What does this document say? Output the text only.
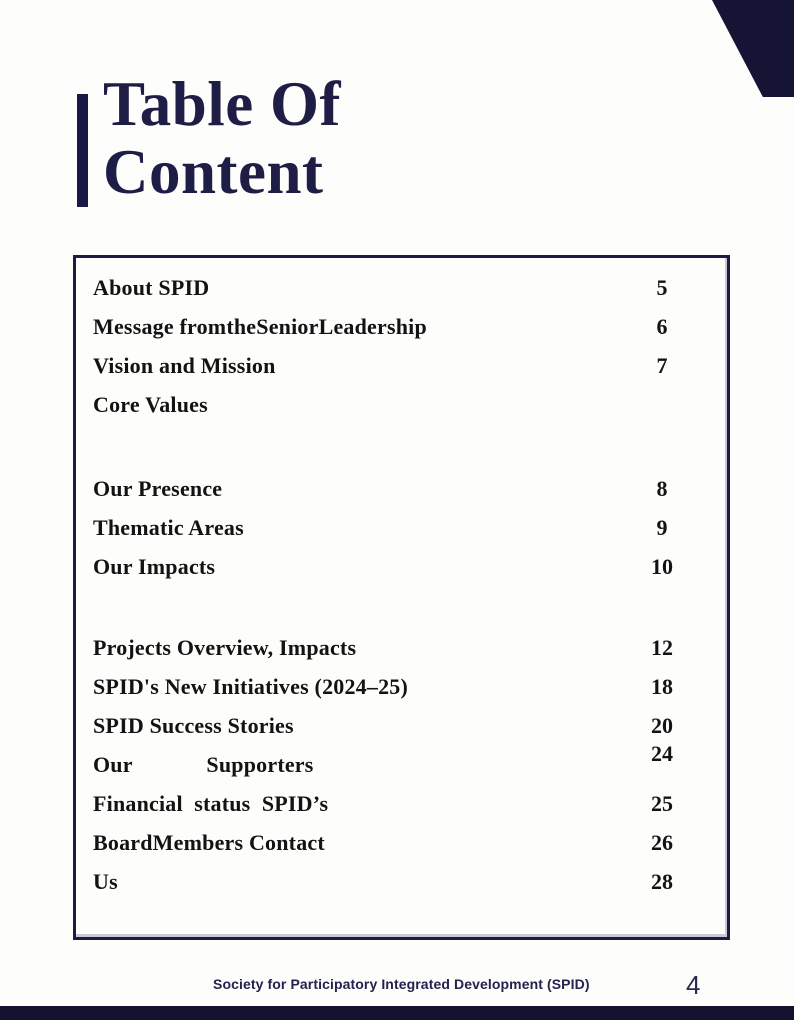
Table Of
Content
About SPID	5
Message fromtheSeniorLeadership	6
Vision and Mission	7
Core Values
Our Presence	8
Thematic Areas	9
Our Impacts	10
Projects Overview, Impacts	12
SPID's New Initiatives (2024–25)	18
SPID Success Stories	20
Our             Supporters	24
Financial  status  SPID’s	25
BoardMembers Contact	26
Us	28
Society for Participatory Integrated Development (SPID)	4
